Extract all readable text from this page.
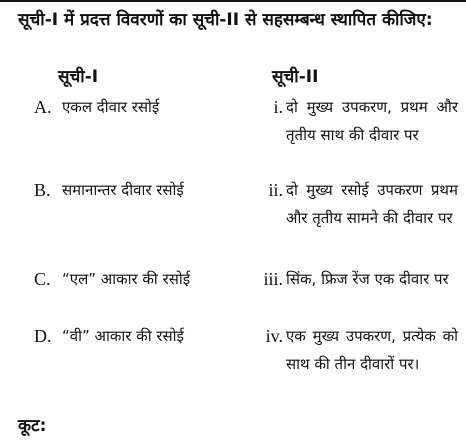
सूची-I में प्रदत्त विवरणों का सूची-II से सहसम्बन्ध स्थापित कीजिए:
सूची-I	सूची-II
A. एकल दीवार रसोई	i. दो मुख्य उपकरण, प्रथम और तृतीय साथ की दीवार पर
B. समानान्तर दीवार रसोई	ii. दो मुख्य रसोई उपकरण प्रथम और तृतीय सामने की दीवार पर
C. “एल” आकार की रसोई	iii. सिंक, फ्रिज रेंज एक दीवार पर
D. “वी” आकार की रसोई	iv. एक मुख्य उपकरण, प्रत्येक को साथ की तीन दीवारों पर।
कूट:
